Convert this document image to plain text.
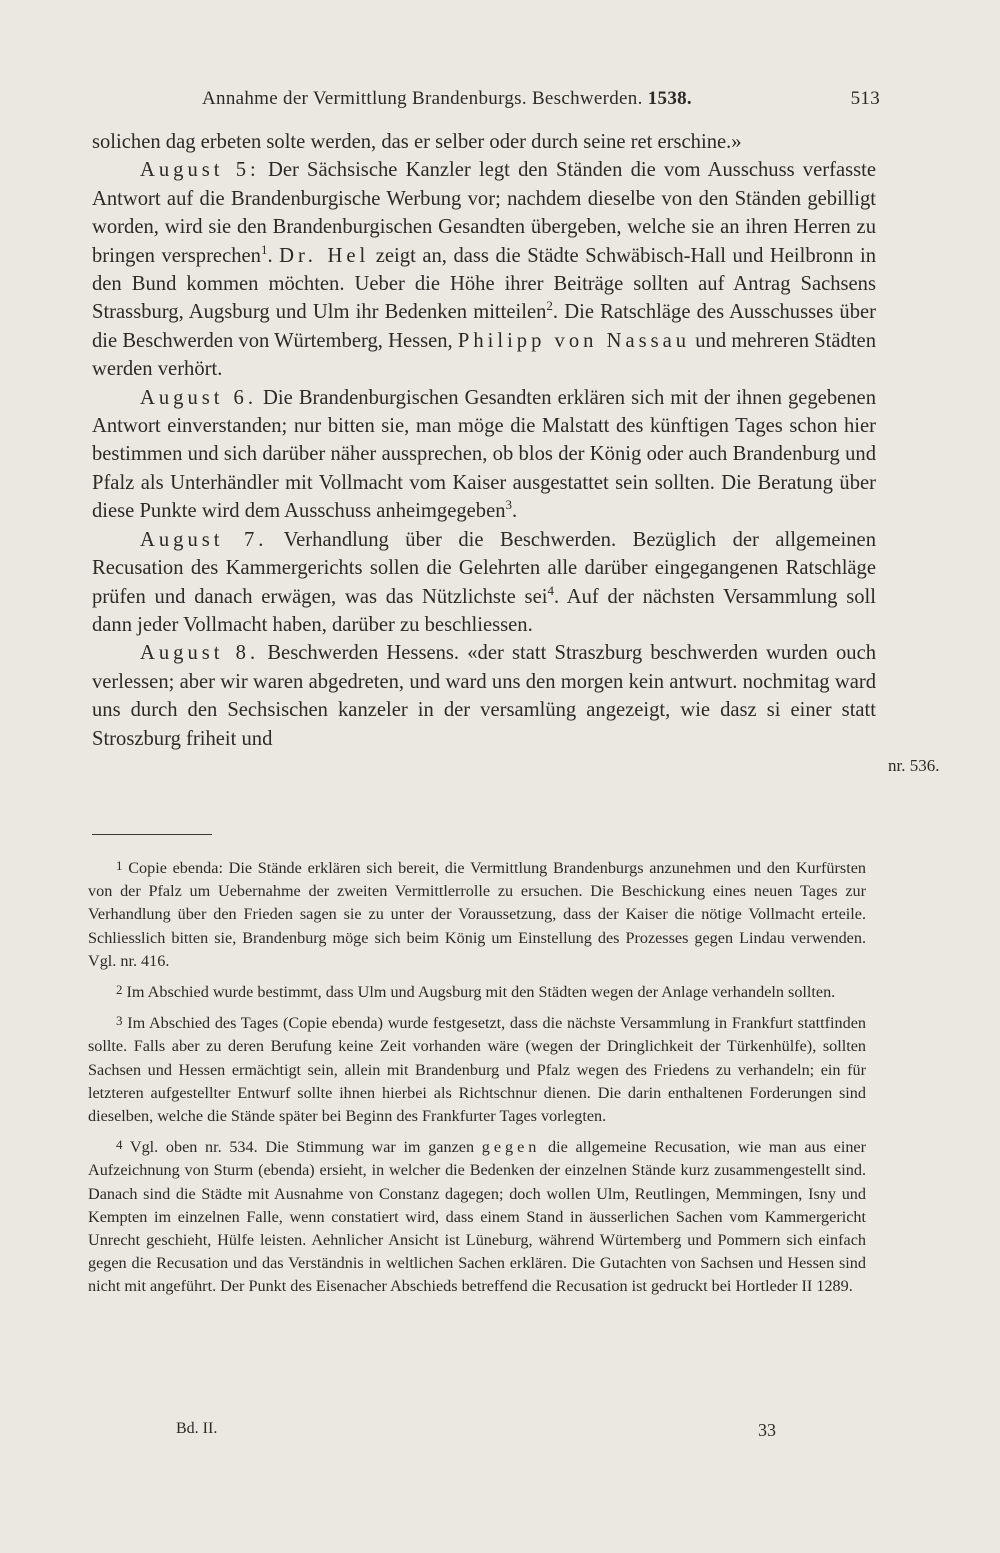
Annahme der Vermittlung Brandenburgs. Beschwerden. 1538.	513

solichen dag erbeten solte werden, das er selber oder durch seine ret erschine.»

August 5: Der Sächsische Kanzler legt den Ständen die vom Ausschuss verfasste Antwort auf die Brandenburgische Werbung vor; nachdem dieselbe von den Ständen gebilligt worden, wird sie den Brandenburgischen Gesandten übergeben, welche sie an ihren Herren zu bringen versprechen$^1$. Dr. Hel zeigt an, dass die Städte Schwäbisch-Hall und Heilbronn in den Bund kommen möchten. Ueber die Höhe ihrer Beiträge sollten auf Antrag Sachsens Strassburg, Augsburg und Ulm ihr Bedenken mitteilen$^2$. Die Ratschläge des Ausschusses über die Beschwerden von Würtemberg, Hessen, Philipp von Nassau und mehreren Städten werden verhört.

August 6. Die Brandenburgischen Gesandten erklären sich mit der ihnen gegebenen Antwort einverstanden; nur bitten sie, man möge die Malstatt des künftigen Tages schon hier bestimmen und sich darüber näher aussprechen, ob blos der König oder auch Brandenburg und Pfalz als Unterhändler mit Vollmacht vom Kaiser ausgestattet sein sollten. Die Beratung über diese Punkte wird dem Ausschuss anheimgegeben$^3$.

August 7. Verhandlung über die Beschwerden. Bezüglich der allgemeinen Recusation des Kammergerichts sollen die Gelehrten alle darüber eingegangenen Ratschläge prüfen und danach erwägen, was das Nützlichste sei$^4$. Auf der nächsten Versammlung soll dann jeder Vollmacht haben, darüber zu beschliessen.

August 8. Beschwerden Hessens. «der statt Straszburg beschwerden wurden ouch verlessen; aber wir waren abgedreten, und ward uns den morgen kein antwurt. nochmitag ward uns durch den Sechsischen kanzeler in der versamlüng angezeigt, wie dasz si einer statt Stroszburg friheit und

nr. 536.

1 Copie ebenda: Die Stände erklären sich bereit, die Vermittlung Brandenburgs anzunehmen und den Kurfürsten von der Pfalz um Uebernahme der zweiten Vermittlerrolle zu ersuchen. Die Beschickung eines neuen Tages zur Verhandlung über den Frieden sagen sie zu unter der Voraussetzung, dass der Kaiser die nötige Vollmacht erteile. Schliesslich bitten sie, Brandenburg möge sich beim König um Einstellung des Prozesses gegen Lindau verwenden. Vgl. nr. 416.

2 Im Abschied wurde bestimmt, dass Ulm und Augsburg mit den Städten wegen der Anlage verhandeln sollten.

3 Im Abschied des Tages (Copie ebenda) wurde festgesetzt, dass die nächste Versammlung in Frankfurt stattfinden sollte. Falls aber zu deren Berufung keine Zeit vorhanden wäre (wegen der Dringlichkeit der Türkenhülfe), sollten Sachsen und Hessen ermächtigt sein, allein mit Brandenburg und Pfalz wegen des Friedens zu verhandeln; ein für letzteren aufgestellter Entwurf sollte ihnen hierbei als Richtschnur dienen. Die darin enthaltenen Forderungen sind dieselben, welche die Stände später bei Beginn des Frankfurter Tages vorlegten.

4 Vgl. oben nr. 534. Die Stimmung war im ganzen gegen die allgemeine Recusation, wie man aus einer Aufzeichnung von Sturm (ebenda) ersieht, in welcher die Bedenken der einzelnen Stände kurz zusammengestellt sind. Danach sind die Städte mit Ausnahme von Constanz dagegen; doch wollen Ulm, Reutlingen, Memmingen, Isny und Kempten im einzelnen Falle, wenn constatiert wird, dass einem Stand in äusserlichen Sachen vom Kammergericht Unrecht geschieht, Hülfe leisten. Aehnlicher Ansicht ist Lüneburg, während Würtemberg und Pommern sich einfach gegen die Recusation und das Verständnis in weltlichen Sachen erklären. Die Gutachten von Sachsen und Hessen sind nicht mit angeführt. Der Punkt des Eisenacher Abschieds betreffend die Recusation ist gedruckt bei Hortleder II 1289.

Bd. II.	33
